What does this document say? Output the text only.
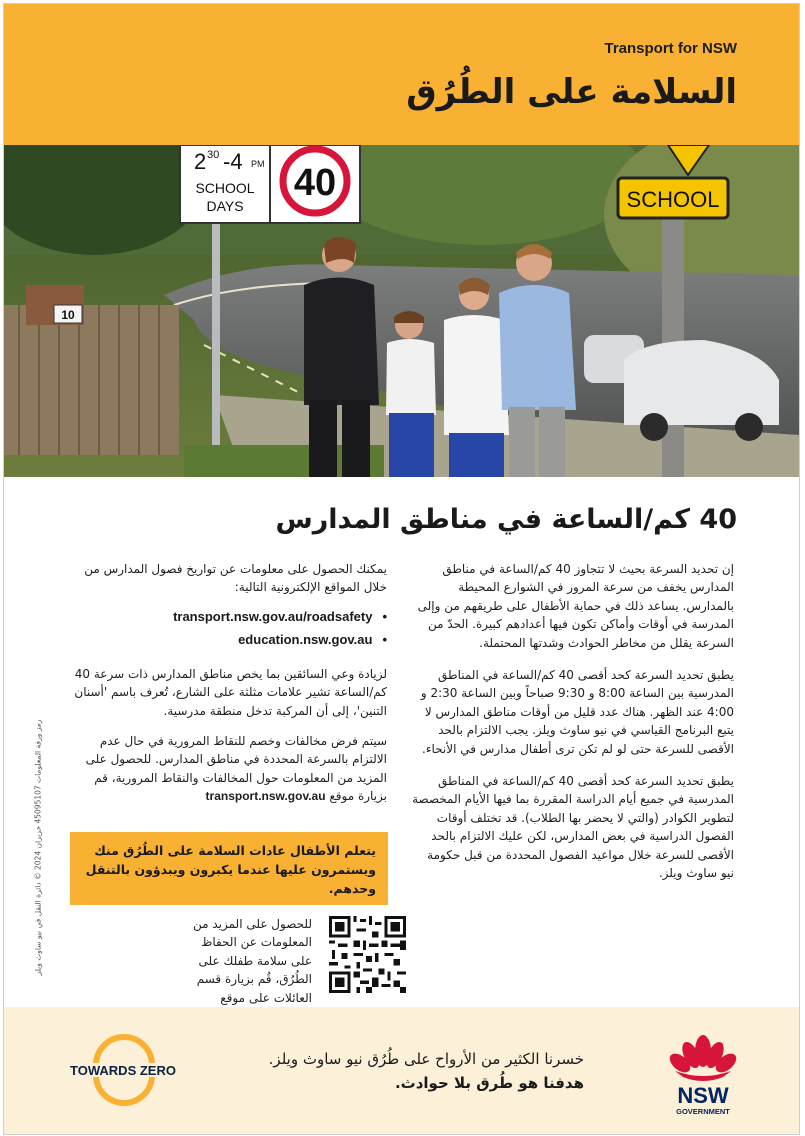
Transport for NSW
السلامة على الطُرُق
10
2 30 -4 PM
SCHOOL
DAYS
40	SCHOOL
40 كم/الساعة في مناطق المدارس

إن تحديد السرعة بحيث لا تتجاوز 40 كم/الساعة في مناطق المدارس يخفف من سرعة المرور في الشوارع المحيطة بالمدارس. يساعد ذلك في حماية الأطفال على طريقهم من وإلى المدرسة في أوقات وأماكن تكون فيها أعدادهم كبيرة. الحدّ من السرعة يقلل من مخاطر الحوادث وشدتها المحتملة.

يطبق تحديد السرعة كحد أقصى 40 كم/الساعة في المناطق المدرسية بين الساعة 8:00 و 9:30 صباحاً وبين الساعة 2:30 و 4:00 عند الظهر. هناك عدد قليل من أوقات مناطق المدارس لا يتبع البرنامج القياسي في نيو ساوث ويلز. يجب الالتزام بالحد الأقصى للسرعة حتى لو لم تكن ترى أطفال مدارس في الأنحاء.

يطبق تحديد السرعة كحد أقصى 40 كم/الساعة في المناطق المدرسية في جميع أيام الدراسة المقررة بما فيها الأيام المخصصة لتطوير الكوادر (والتي لا يحضر بها الطلاب). قد تختلف أوقات الفصول الدراسية في بعض المدارس، لكن عليك الالتزام بالحد الأقصى للسرعة خلال مواعيد الفصول المحددة من قبل حكومة نيو ساوث ويلز.

يمكنك الحصول على معلومات عن تواريخ فصول المدارس من خلال المواقع الإلكترونية التالية:

transport.nsw.gov.au/roadsafety •
education.nsw.gov.au •

لزيادة وعي السائقين بما يخص مناطق المدارس ذات سرعة 40 كم/الساعة تشير علامات مثلثة على الشارع، تُعرف باسم 'أسنان التنين'، إلى أن المركبة تدخل منطقة مدرسية.

سيتم فرض مخالفات وخصم للنقاط المرورية في حال عدم الالتزام بالسرعة المحددة في مناطق المدارس. للحصول على المزيد من المعلومات حول المخالفات والنقاط المرورية، قم بزيارة موقع transport.nsw.gov.au

يتعلم الأطفال عادات السلامة على الطُرُق منك ويستمرون عليها عندما يكبرون ويبدؤون بالتنقل وحدهم.
للحصول على المزيد من المعلومات عن الحفاظ على سلامة طفلك على الطُرُق، قُم بزيارة قسم العائلات على موقع
رمز ورقة المعلومات 45095107 حزيران 2024 © دائرة النقل في نيو ساوث ويلز
TOWARDS ZERO
خسرنا الكثير من الأرواح على طُرُق نيو ساوث ويلز.
هدفنا هو طُرق بلا حوادث.	NSW
GOVERNMENT
